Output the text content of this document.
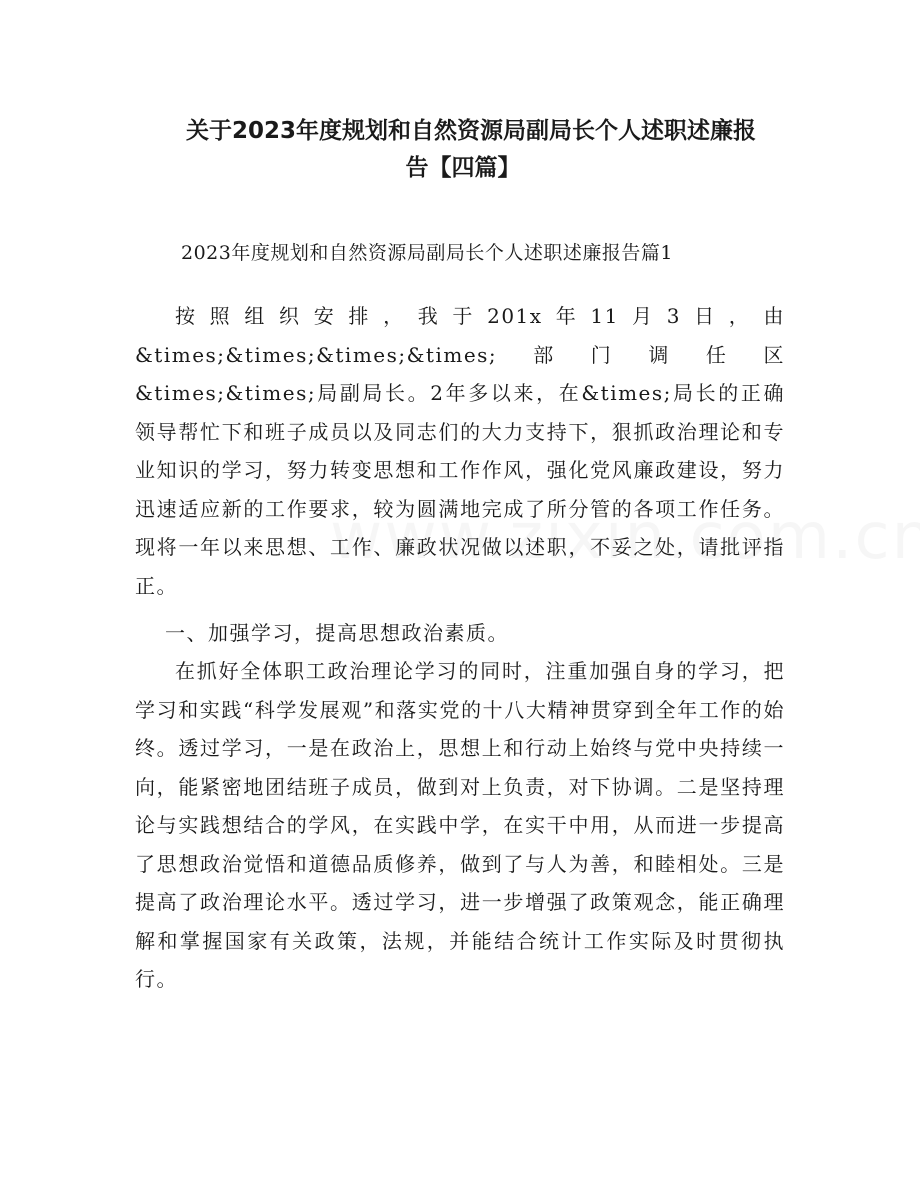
关于2023年度规划和自然资源局副局长个人述职述廉报
告【四篇】

2023年度规划和自然资源局副局长个人述职述廉报告篇1

按照组织安排，我于201x年11月3日，由&times;&times;&times;&times;部门调任区&times;&times;局副局长。2年多以来，在&times;局长的正确领导帮忙下和班子成员以及同志们的大力支持下，狠抓政治理论和专业知识的学习，努力转变思想和工作作风，强化党风廉政建设，努力迅速适应新的工作要求，较为圆满地完成了所分管的各项工作任务。现将一年以来思想、工作、廉政状况做以述职，不妥之处，请批评指正。

一、加强学习，提高思想政治素质。

在抓好全体职工政治理论学习的同时，注重加强自身的学习，把学习和实践“科学发展观”和落实党的十八大精神贯穿到全年工作的始终。透过学习，一是在政治上，思想上和行动上始终与党中央持续一向，能紧密地团结班子成员，做到对上负责，对下协调。二是坚持理论与实践想结合的学风，在实践中学，在实干中用，从而进一步提高了思想政治觉悟和道德品质修养，做到了与人为善，和睦相处。三是提高了政治理论水平。透过学习，进一步增强了政策观念，能正确理解和掌握国家有关政策，法规，并能结合统计工作实际及时贯彻执行。
